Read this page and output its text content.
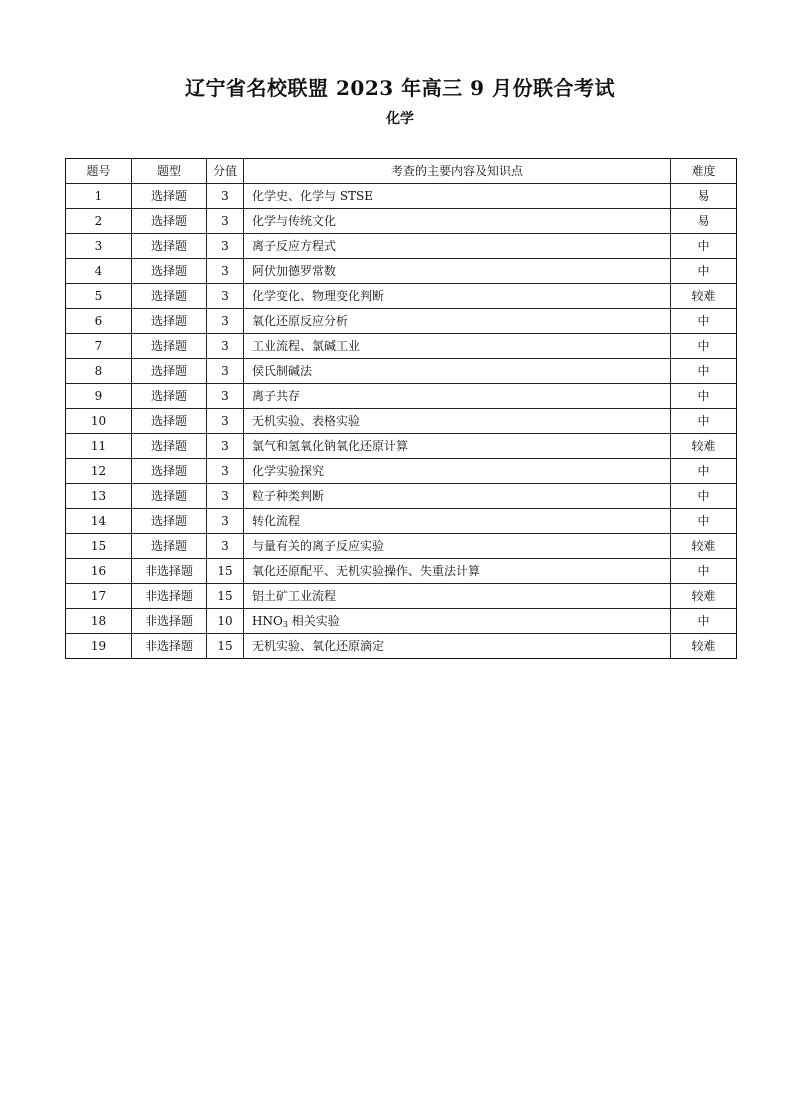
辽宁省名校联盟 2023 年高三 9 月份联合考试
化学
题号	题型	分值	考查的主要内容及知识点	难度
1	选择题	3	化学史、化学与 STSE	易
2	选择题	3	化学与传统文化	易
3	选择题	3	离子反应方程式	中
4	选择题	3	阿伏加德罗常数	中
5	选择题	3	化学变化、物理变化判断	较难
6	选择题	3	氧化还原反应分析	中
7	选择题	3	工业流程、氯碱工业	中
8	选择题	3	侯氏制碱法	中
9	选择题	3	离子共存	中
10	选择题	3	无机实验、表格实验	中
11	选择题	3	氯气和氢氧化钠氧化还原计算	较难
12	选择题	3	化学实验探究	中
13	选择题	3	粒子种类判断	中
14	选择题	3	转化流程	中
15	选择题	3	与量有关的离子反应实验	较难
16	非选择题	15	氧化还原配平、无机实验操作、失重法计算	中
17	非选择题	15	铝土矿工业流程	较难
18	非选择题	10	$HNO_3$ 相关实验	中
19	非选择题	15	无机实验、氧化还原滴定	较难
